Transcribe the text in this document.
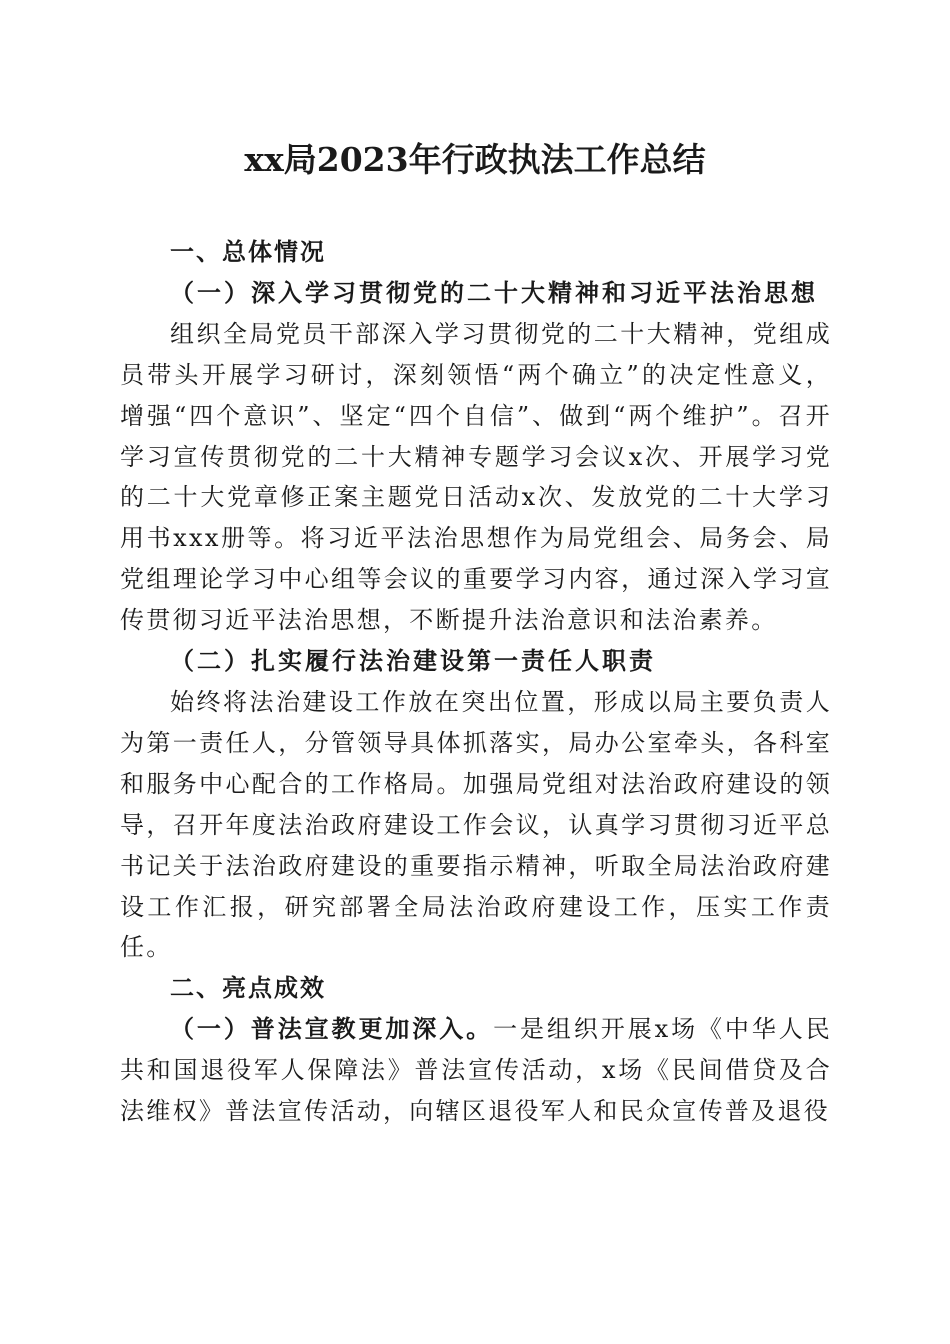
xx局2023年行政执法工作总结

一、总体情况

（一）深入学习贯彻党的二十大精神和习近平法治思想

组织全局党员干部深入学习贯彻党的二十大精神，党组成员带头开展学习研讨，深刻领悟“两个确立”的决定性意义，增强“四个意识”、坚定“四个自信”、做到“两个维护”。召开学习宣传贯彻党的二十大精神专题学习会议x次、开展学习党的二十大党章修正案主题党日活动x次、发放党的二十大学习用书xxx册等。将习近平法治思想作为局党组会、局务会、局党组理论学习中心组等会议的重要学习内容，通过深入学习宣传贯彻习近平法治思想，不断提升法治意识和法治素养。

（二）扎实履行法治建设第一责任人职责

始终将法治建设工作放在突出位置，形成以局主要负责人为第一责任人，分管领导具体抓落实，局办公室牵头，各科室和服务中心配合的工作格局。加强局党组对法治政府建设的领导，召开年度法治政府建设工作会议，认真学习贯彻习近平总书记关于法治政府建设的重要指示精神，听取全局法治政府建设工作汇报，研究部署全局法治政府建设工作，压实工作责任。

二、亮点成效

（一）普法宣教更加深入。一是组织开展x场《中华人民共和国退役军人保障法》普法宣传活动，x场《民间借贷及合法维权》普法宣传活动，向辖区退役军人和民众宣传普及退役
